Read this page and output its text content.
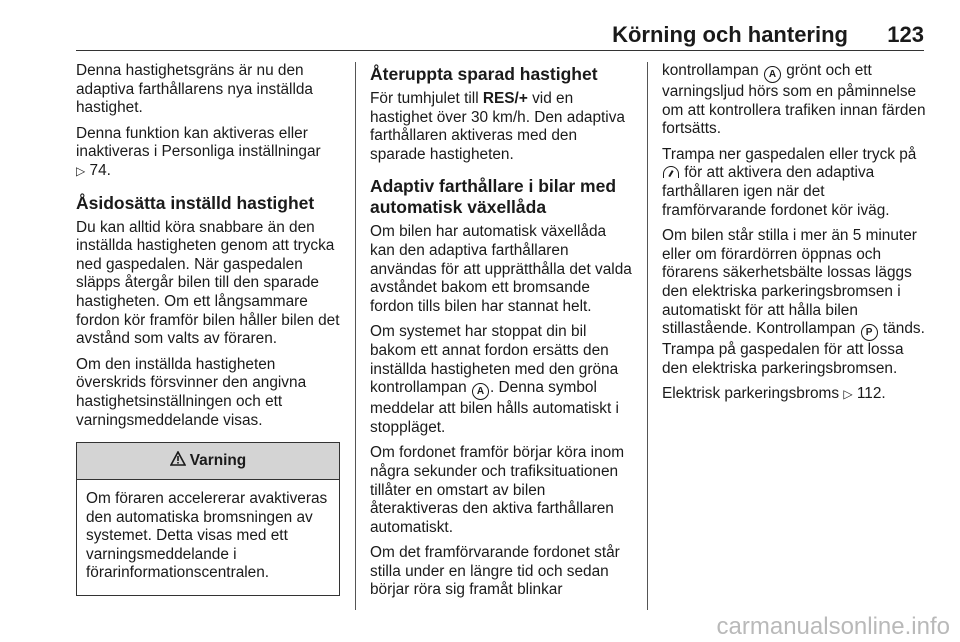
Körning och hantering 123

Denna hastighetsgräns är nu den adaptiva farthållarens nya inställda hastighet.

Denna funktion kan aktiveras eller inaktiveras i Personliga inställningar
▷ 74.

Åsidosätta inställd hastighet

Du kan alltid köra snabbare än den inställda hastigheten genom att trycka ned gaspedalen. När gaspedalen släpps återgår bilen till den sparade hastigheten. Om ett långsammare fordon kör framför bilen håller bilen det avstånd som valts av föraren.

Om den inställda hastigheten överskrids försvinner den angivna hastighetsinställningen och ett varningsmeddelande visas.

Varning
Om föraren accelererar avaktiveras den automatiska bromsningen av systemet. Detta visas med ett varningsmeddelande i förarinformationscentralen.
Återuppta sparad hastighet

För tumhjulet till RES/+ vid en hastighet över 30 km/h. Den adaptiva farthållaren aktiveras med den sparade hastigheten.

Adaptiv farthållare i bilar med automatisk växellåda

Om bilen har automatisk växellåda kan den adaptiva farthållaren användas för att upprätthålla det valda avståndet bakom ett bromsande fordon tills bilen har stannat helt.

Om systemet har stoppat din bil bakom ett annat fordon ersätts den inställda hastigheten med den gröna kontrollampan A . Denna symbol meddelar att bilen hålls automatiskt i stoppläget.

Om fordonet framför börjar köra inom några sekunder och trafiksituationen tillåter en omstart av bilen återaktiveras den aktiva farthållaren automatiskt.

Om det framförvarande fordonet står stilla under en längre tid och sedan börjar röra sig framåt blinkar

kontrollampan A grönt och ett varningsljud hörs som en påminnelse om att kontrollera trafiken innan färden fortsätts.

Trampa ner gaspedalen eller tryck på  för att aktivera den adaptiva farthållaren igen när det framförvarande fordonet kör iväg.

Om bilen står stilla i mer än 5 minuter eller om förardörren öppnas och förarens säkerhetsbälte lossas läggs den elektriska parkeringsbromsen i automatiskt för att hålla bilen stillastående. Kontrollampan P tänds. Trampa på gaspedalen för att lossa den elektriska parkeringsbromsen.

Elektrisk parkeringsbroms ▷ 112.

carmanualsonline.info
